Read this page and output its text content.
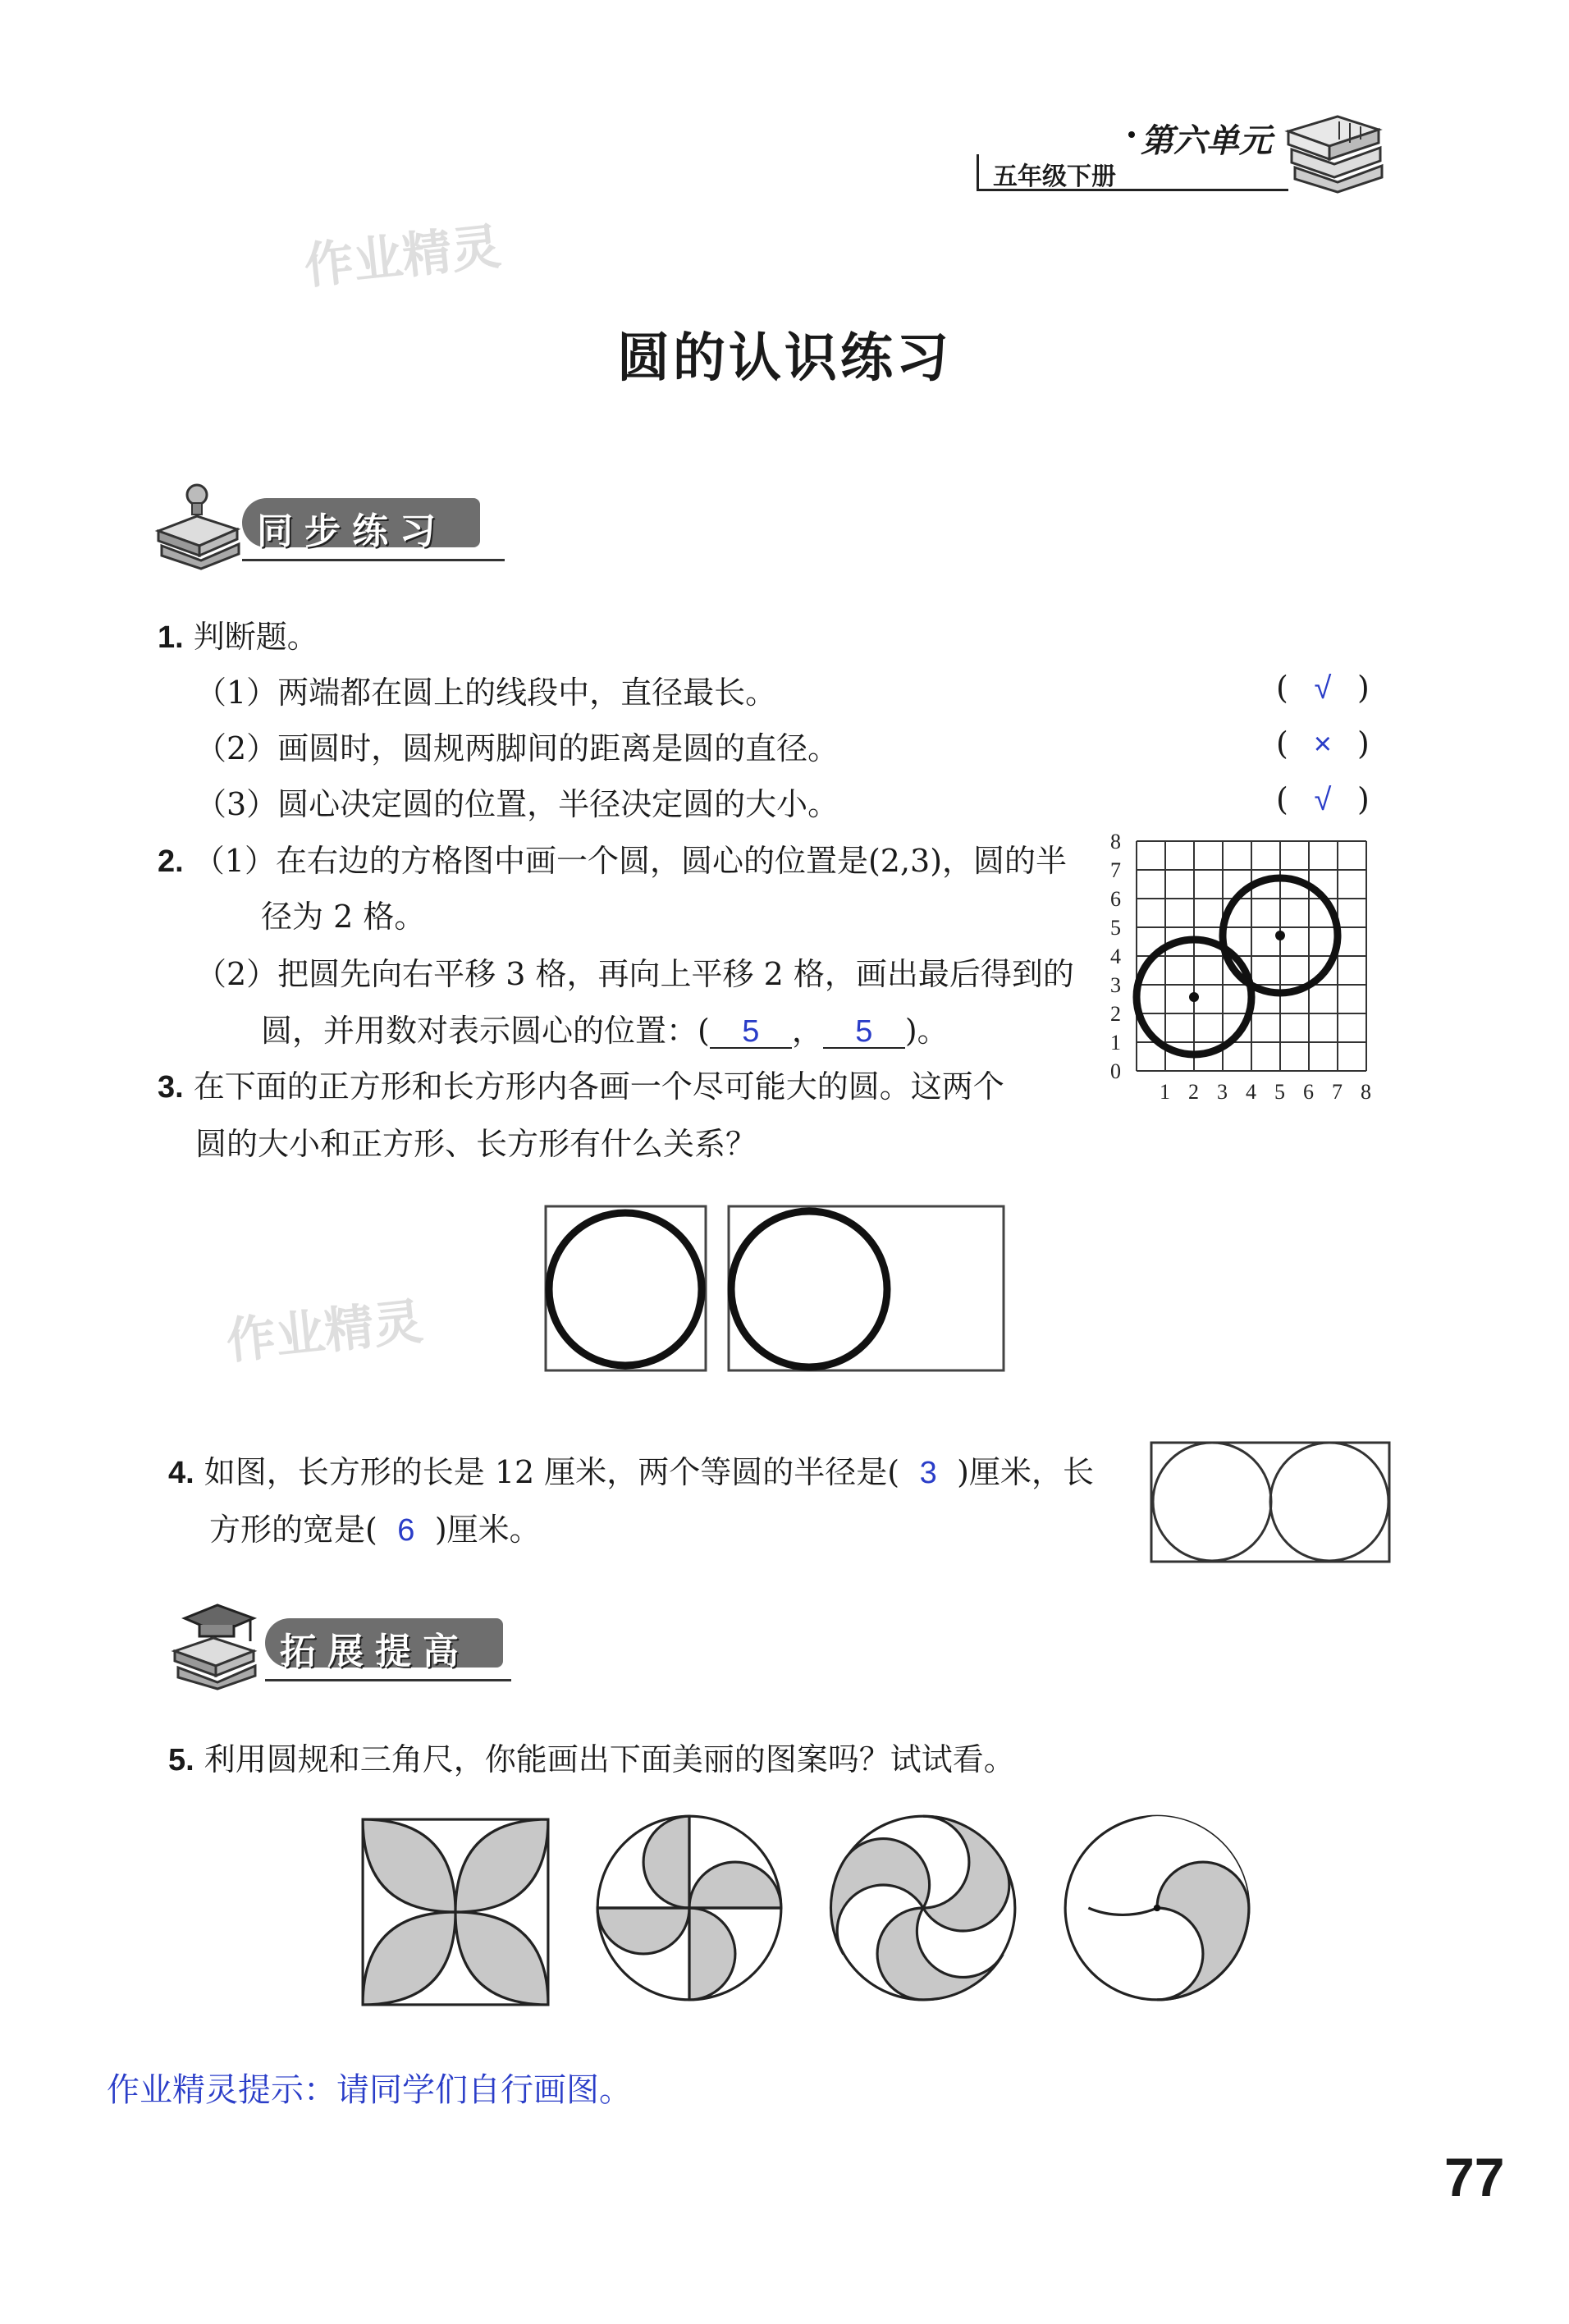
第六单元
五年级下册
作业精灵
圆的认识练习
同步练习
1. 判断题。
（1）两端都在圆上的线段中，直径最长。	( √ )
（2）画圆时，圆规两脚间的距离是圆的直径。	( × )
（3）圆心决定圆的位置，半径决定圆的大小。	( √ )
2. （1）在右边的方格图中画一个圆，圆心的位置是(2,3)，圆的半
径为 2 格。
（2）把圆先向右平移 3 格，再向上平移 2 格，画出最后得到的
圆，并用数对表示圆心的位置：( 5 ， 5 )。
8
7
6
5
4
3
2
1
0
1 2 3 4 5 6 7 8
3. 在下面的正方形和长方形内各画一个尽可能大的圆。这两个
圆的大小和正方形、长方形有什么关系？
作业精灵
4. 如图，长方形的长是 12 厘米，两个等圆的半径是( 3 )厘米，长
方形的宽是( 6 )厘米。
拓展提高
5. 利用圆规和三角尺，你能画出下面美丽的图案吗？试试看。
作业精灵提示：请同学们自行画图。
77
